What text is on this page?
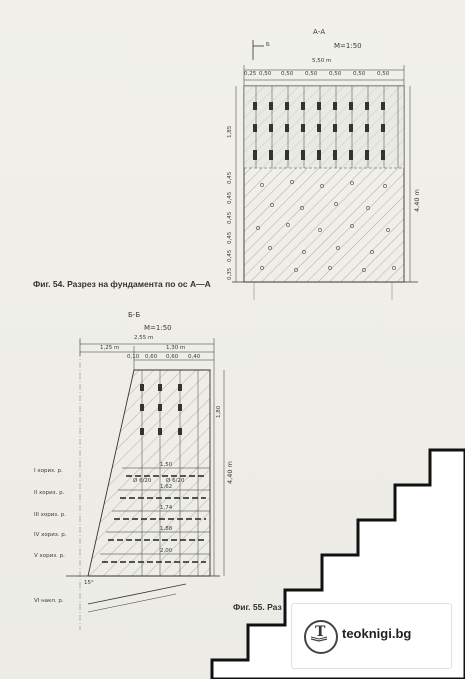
А-А
М=1:50
Б
5,50 m
0,25 0,50 0,50 0,50 0,50 0,50 0,50
1,85
4,40 m
0,45
0,45
0,45
0,45
0,45
0,35
Фиг. 54. Разрез на фундамента по ос А—А
Б-Б
М=1:50
2,55 m
1,25 m	1,30 m
0,10 0,60 0,60 0,40
1,80
4,40 m
1,50
1,62
1,74
1,88
2,00
Ø 6/20	Ø 6/20
I хориз. р.
II хориз. р.
III хориз. р.
IV хориз. р.
V хориз. р.
VI накл. р.
15°
Фиг. 55. Раз
T teoknigi.bg
